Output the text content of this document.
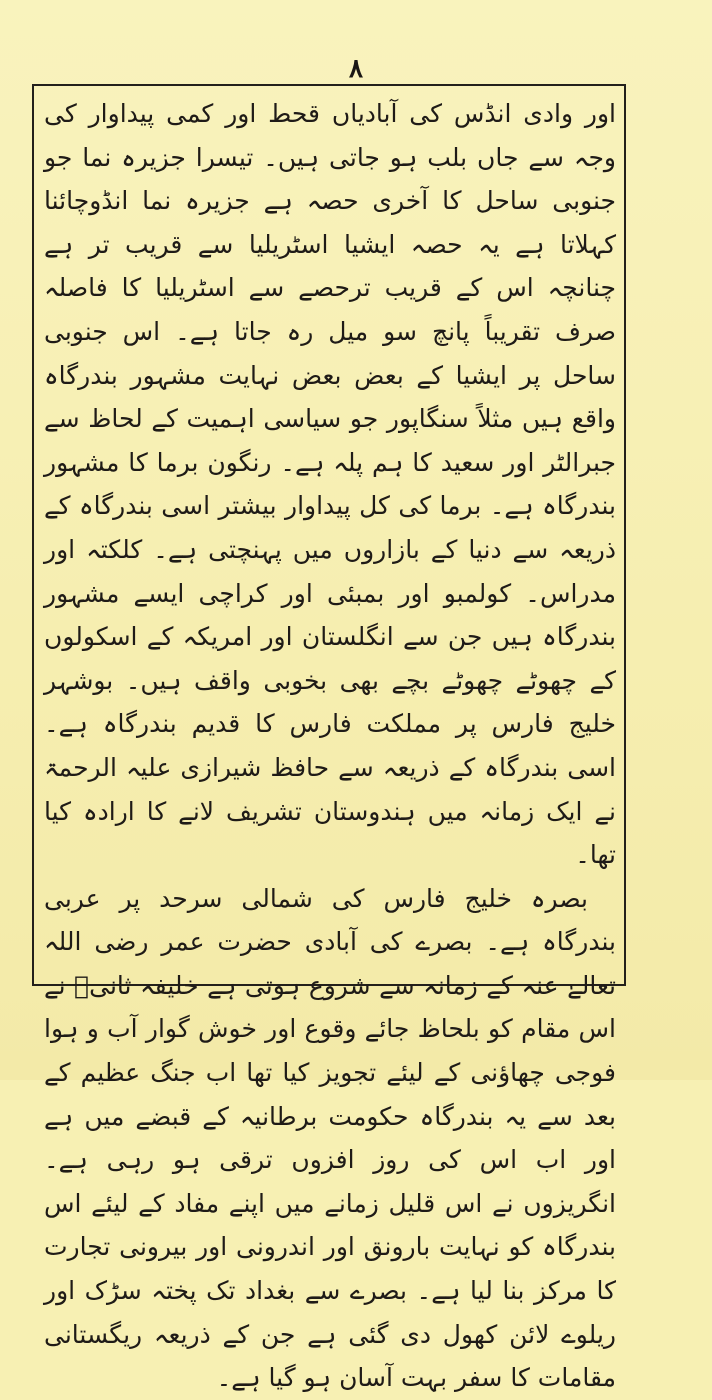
۸

اور وادی انڈس کی آبادیاں قحط اور کمی پیداوار کی وجہ سے جاں بلب ہو جاتی ہیں۔ تیسرا جزیرہ نما جو جنوبی ساحل کا آخری حصہ ہے جزیرہ نما انڈوچائنا کہلاتا ہے یہ حصہ ایشیا اسٹریلیا سے قریب تر ہے چنانچہ اس کے قریب ترحصے سے اسٹریلیا کا فاصلہ صرف تقریباً پانچ سو میل رہ جاتا ہے۔ اس جنوبی ساحل پر ایشیا کے بعض بعض نہایت مشہور بندرگاہ واقع ہیں مثلاً سنگاپور جو سیاسی اہمیت کے لحاظ سے جبرالٹر اور سعید کا ہم پلہ ہے۔ رنگون برما کا مشہور بندرگاہ ہے۔ برما کی کل پیداوار بیشتر اسی بندرگاہ کے ذریعہ سے دنیا کے بازاروں میں پہنچتی ہے۔ کلکتہ اور مدراس۔ کولمبو اور بمبئی اور کراچی ایسے مشہور بندرگاہ ہیں جن سے انگلستان اور امریکہ کے اسکولوں کے چھوٹے چھوٹے بچے بھی بخوبی واقف ہیں۔ بوشہر خلیج فارس پر مملکت فارس کا قدیم بندرگاہ ہے۔ اسی بندرگاہ کے ذریعہ سے حافظ شیرازی علیہ الرحمۃ نے ایک زمانہ میں ہندوستان تشریف لانے کا ارادہ کیا تھا۔

بصرہ خلیج فارس کی شمالی سرحد پر عربی بندرگاہ ہے۔ بصرے کی آبادی حضرت عمر رضی اللہ تعالےٰ عنہ کے زمانہ سے شروع ہوتی ہے خلیفہ ثانیؓ نے اس مقام کو بلحاظ جائے وقوع اور خوش گوار آب و ہوا فوجی چھاؤنی کے لیئے تجویز کیا تھا اب جنگ عظیم کے بعد سے یہ بندرگاہ حکومت برطانیہ کے قبضے میں ہے اور اب اس کی روز افزوں ترقی ہو رہی ہے۔ انگریزوں نے اس قلیل زمانے میں اپنے مفاد کے لیئے اس بندرگاہ کو نہایت بارونق اور اندرونی اور بیرونی تجارت کا مرکز بنا لیا ہے۔ بصرے سے بغداد تک پختہ سڑک اور ریلوے لائن کھول دی گئی ہے جن کے ذریعہ ریگستانی مقامات کا سفر بہت آسان ہو گیا ہے۔
